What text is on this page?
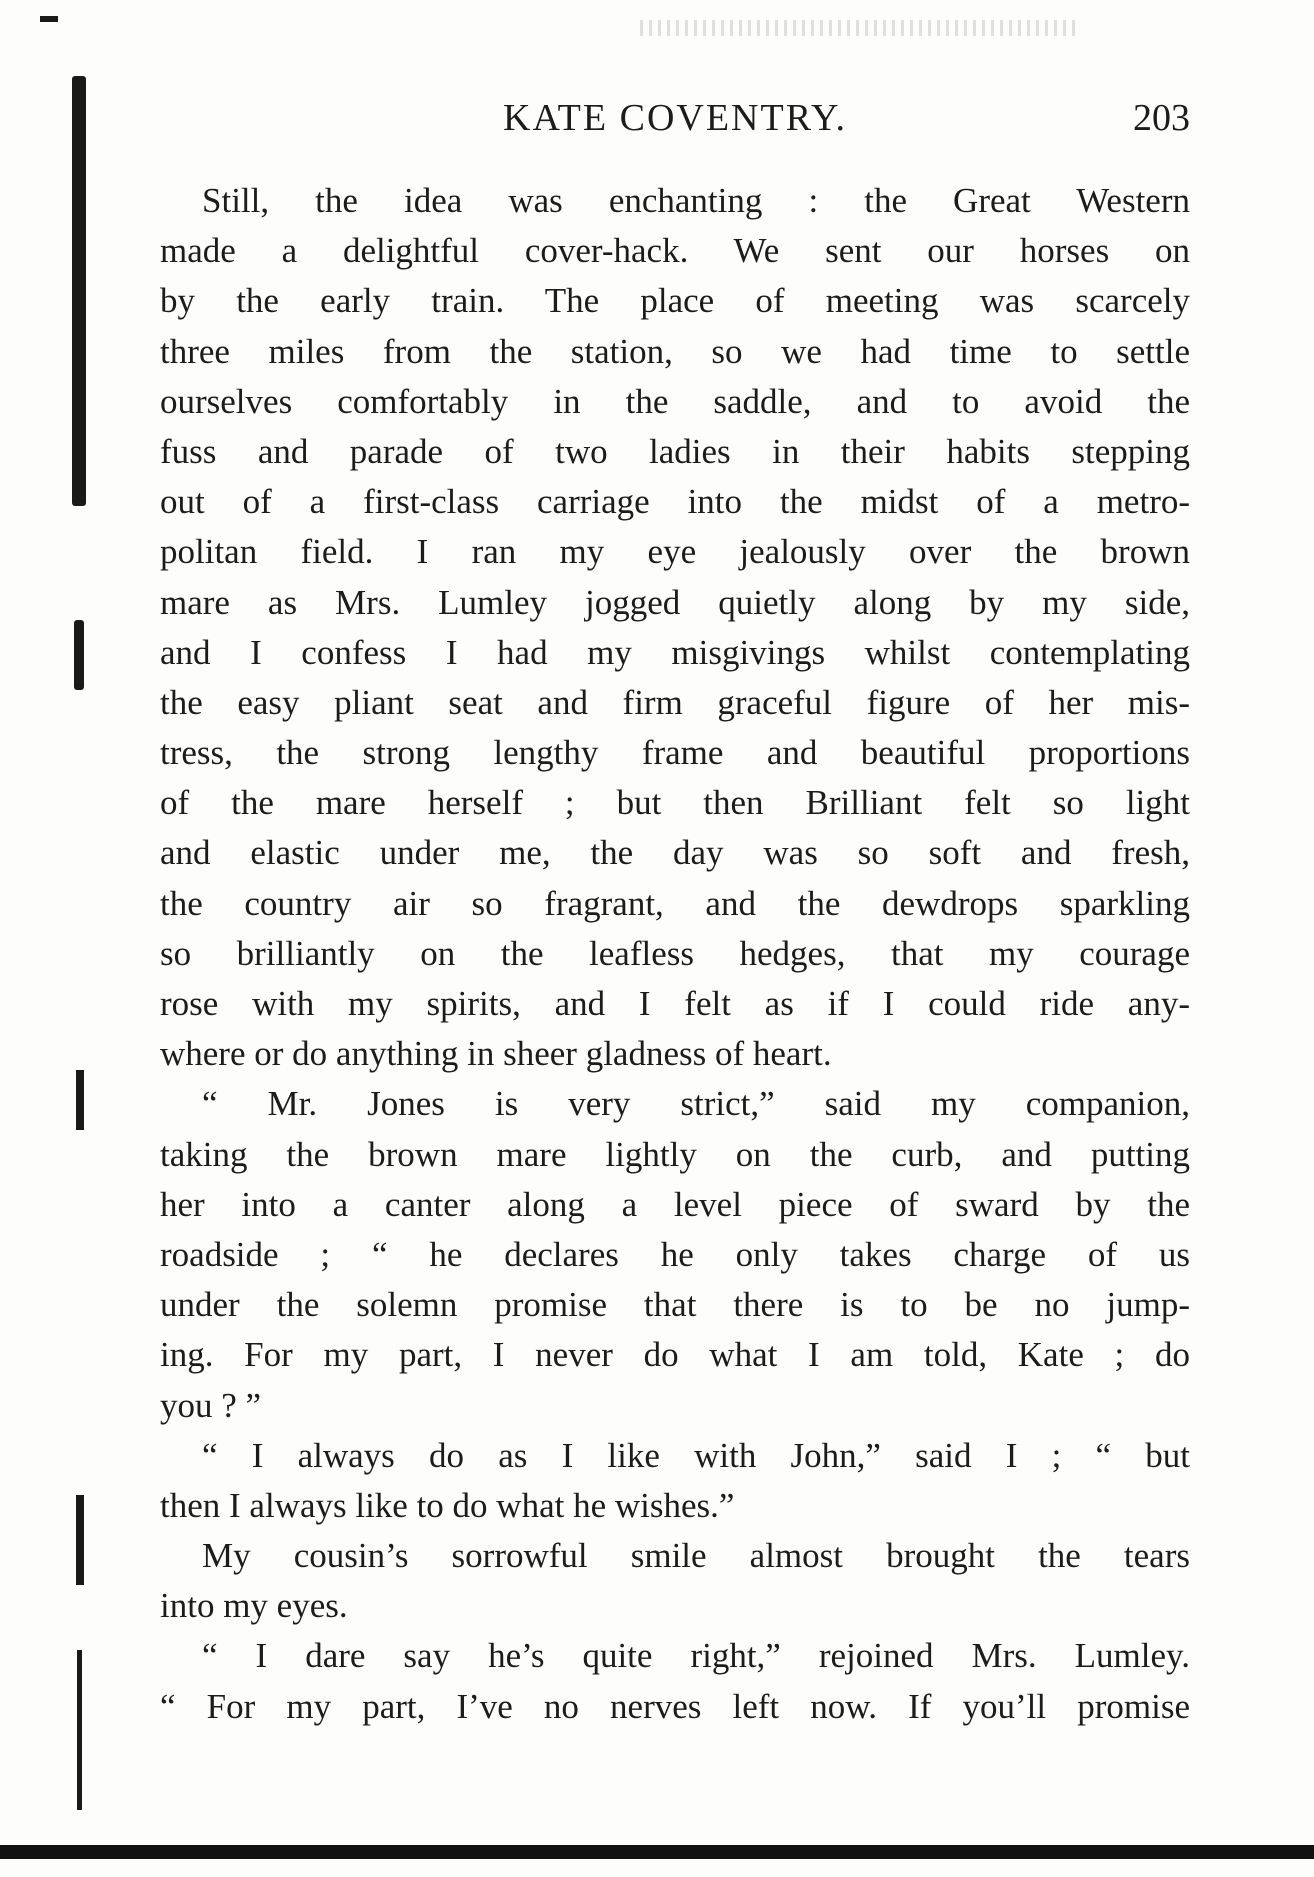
KATE COVENTRY.	203
Still, the idea was enchanting : the Great Western
made a delightful cover-hack. We sent our horses on
by the early train. The place of meeting was scarcely
three miles from the station, so we had time to settle
ourselves comfortably in the saddle, and to avoid the
fuss and parade of two ladies in their habits stepping
out of a first-class carriage into the midst of a metro-
politan field. I ran my eye jealously over the brown
mare as Mrs. Lumley jogged quietly along by my side,
and I confess I had my misgivings whilst contemplating
the easy pliant seat and firm graceful figure of her mis-
tress, the strong lengthy frame and beautiful proportions
of the mare herself ; but then Brilliant felt so light
and elastic under me, the day was so soft and fresh,
the country air so fragrant, and the dewdrops sparkling
so brilliantly on the leafless hedges, that my courage
rose with my spirits, and I felt as if I could ride any-
where or do anything in sheer gladness of heart.
“ Mr. Jones is very strict,” said my companion,
taking the brown mare lightly on the curb, and putting
her into a canter along a level piece of sward by the
roadside ; “ he declares he only takes charge of us
under the solemn promise that there is to be no jump-
ing. For my part, I never do what I am told, Kate ; do
you ? ”
“ I always do as I like with John,” said I ; “ but
then I always like to do what he wishes.”
My cousin’s sorrowful smile almost brought the tears
into my eyes.
“ I dare say he’s quite right,” rejoined Mrs. Lumley.
“ For my part, I’ve no nerves left now. If you’ll promise
